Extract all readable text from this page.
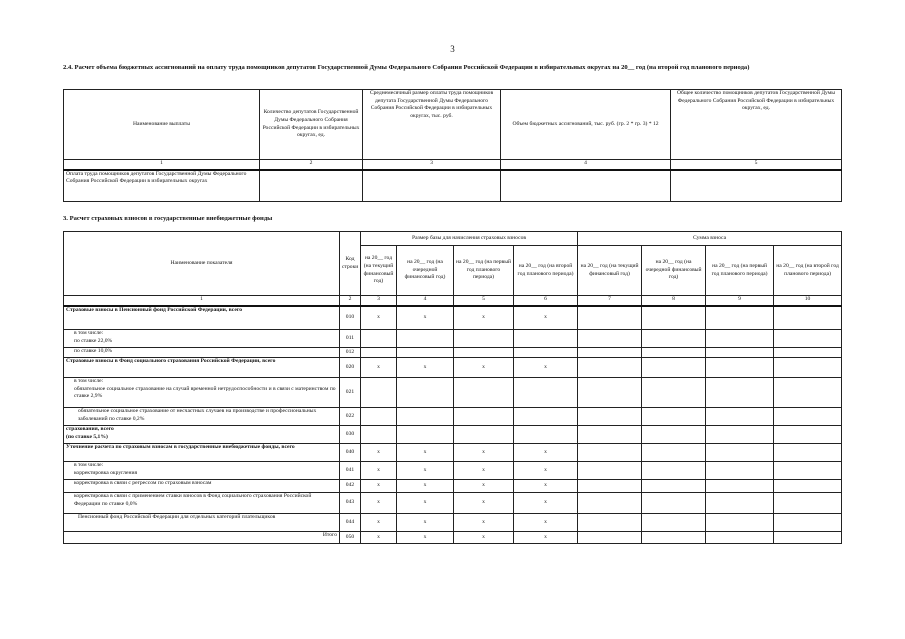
3
2.4. Расчет объема бюджетных ассигнований на оплату труда помощников депутатов Государственной Думы Федерального Собрания Российской Федерации в избирательных округах на 20__ год (на второй год планового периода)
Наименование выплаты	Количество депутатов Государственной Думы Федерального Собрания Российской Федерации в избирательных округах, ед.	Среднемесячный размер оплаты труда помощников депутата Государственной Думы Федерального Собрания Российской Федерации в избирательных округах, тыс. руб.	Объем бюджетных ассигнований, тыс. руб. (гр. 2 * гр. 3) * 12	Общее количество помощников депутатов Государственной Думы Федерального Собрания Российской Федерации в избирательных округах, ед.
1	2	3	4	5
Оплата труда помощников депутатов Государственной Думы Федерального Собрания Российской Федерации в избирательных округах				
3. Расчет страховых взносов в государственные внебюджетные фонды
Наименование показателя	Код строки	Размер базы для начисления страховых взносов				Сумма взноса			
		на 20__ год (на текущий финансовый год)	на 20__ год (на очередной финансовый год)	на 20__ год (на первый год планового периода)	на 20__ год (на второй год планового периода)	на 20__ год (на текущий финансовый год)	на 20__ год (на очередной финансовый год)	на 20__ год (на первый год планового периода)	на 20__ год (на второй год планового периода)
1	2	3	4	5	6	7	8	9	10
Страховые взносы в Пенсионный фонд Российской Федерации, всего	010	x	x	x	x				
в том числе:
по ставке 22,0%	011								
по ставке 10,0%	012								
Страховые взносы в Фонд социального страхования Российской Федерации, всего	020	x	x	x	x				
в том числе:
обязательное социальное страхование на случай временной нетрудоспособности и в связи с материнством по ставке 2,9%	021								
обязательное социальное страхование от несчастных случаев на производстве и профессиональных заболеваний по ставке 0,2%	022								
страхования, всего
(по ставке 5,1%)	030								
Уточнение расчета по страховым взносам в государственные внебюджетные фонды, всего	040	x	x	x	x				
в том числе:
корректировка округления	041	x	x	x	x				
корректировка в связи с регрессом по страховым взносам	042	x	x	x	x				
корректировка в связи с применением ставки взносов в Фонд социального страхования Российской Федерации по ставке 0,0%	043	x	x	x	x				
Пенсионный фонд Российской Федерации для отдельных категорий плательщиков	044	x	x	x	x				
Итого	050	x	x	x	x				
